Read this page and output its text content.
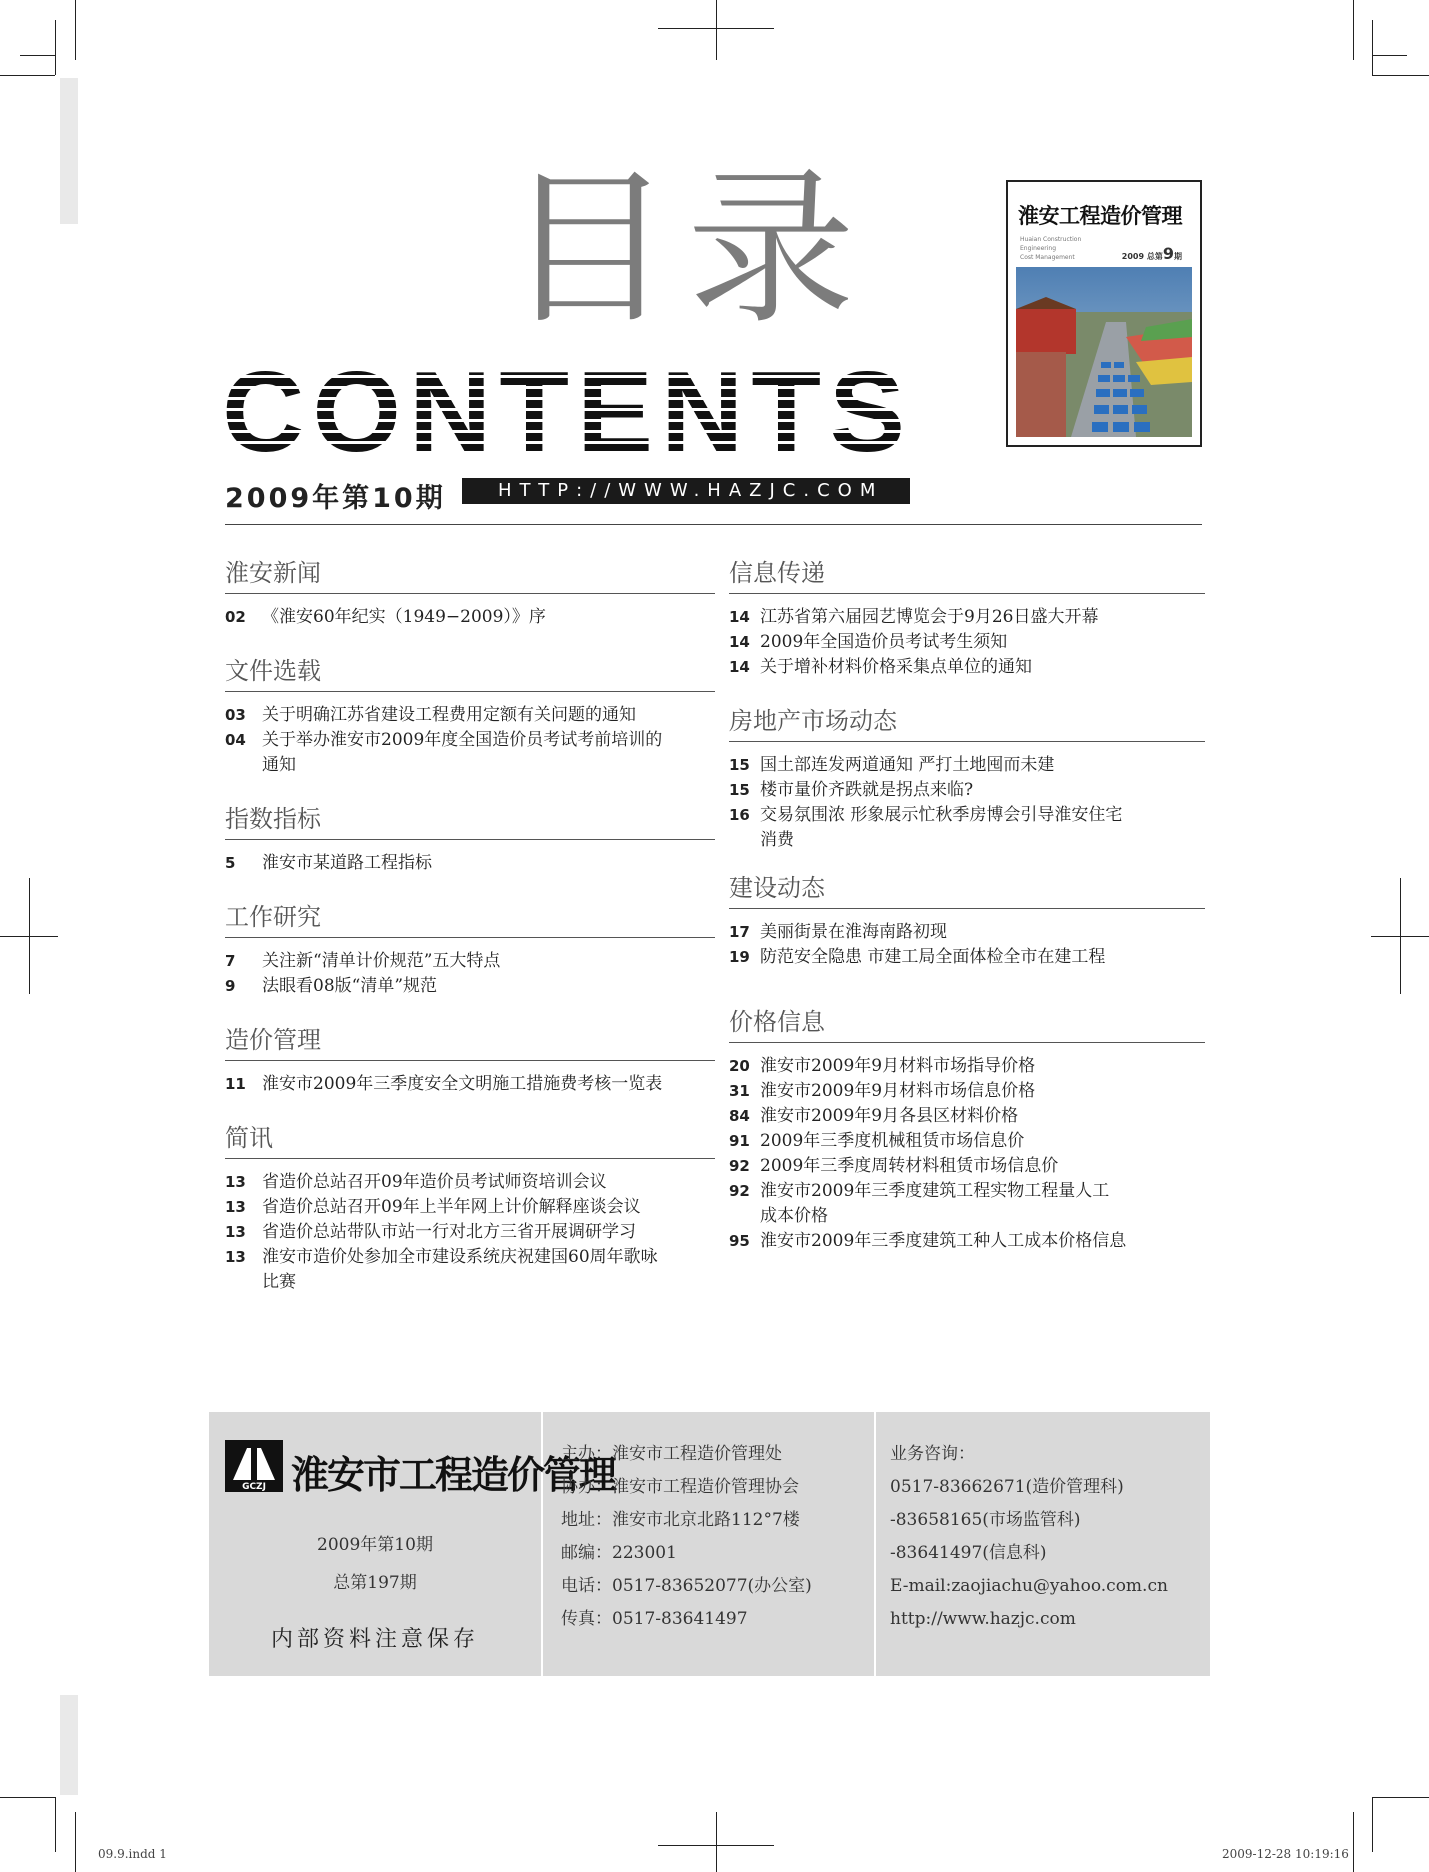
目录
CONTENTS
2009年第10期	HTTP://WWW.HAZJC.COM
淮安工程造价管理
Huaian Construction
Engineering
Cost Management	2009 总第9期
GCZJ 淮安市工程造价管理
2009年第10期
总第197期
内部资料注意保存
主办：淮安市工程造价管理处
协办：淮安市工程造价管理协会
地址：淮安市北京北路112°7楼
邮编：223001
电话：0517-83652077(办公室)
传真：0517-83641497
业务咨询：
0517-83662671(造价管理科)
-83658165(市场监管科)
-83641497(信息科)
E-mail:zaojiachu@yahoo.com.cn
http://www.hazjc.com
09.9.indd 1	2009-12-28 10:19:16
淮安新闻
02 《淮安60年纪实（1949−2009）》序
文件选载
03 关于明确江苏省建设工程费用定额有关问题的通知
04 关于举办淮安市2009年度全国造价员考试考前培训的
通知
指数指标
5	淮安市某道路工程指标
工作研究
7	关注新“清单计价规范”五大特点
9	法眼看08版“清单”规范
造价管理
11 淮安市2009年三季度安全文明施工措施费考核一览表
简讯
13 省造价总站召开09年造价员考试师资培训会议
13 省造价总站召开09年上半年网上计价解释座谈会议
13 省造价总站带队市站一行对北方三省开展调研学习
13 淮安市造价处参加全市建设系统庆祝建国60周年歌咏
比赛
信息传递
14 江苏省第六届园艺博览会于9月26日盛大开幕
14 2009年全国造价员考试考生须知
14 关于增补材料价格采集点单位的通知
房地产市场动态
15 国土部连发两道通知 严打土地囤而未建
15 楼市量价齐跌就是拐点来临?
16 交易氛围浓 形象展示忙秋季房博会引导淮安住宅
消费
建设动态
17 美丽街景在淮海南路初现
19 防范安全隐患 市建工局全面体检全市在建工程
价格信息
20 淮安市2009年9月材料市场指导价格
31 淮安市2009年9月材料市场信息价格
84 淮安市2009年9月各县区材料价格
91 2009年三季度机械租赁市场信息价
92 2009年三季度周转材料租赁市场信息价
92 淮安市2009年三季度建筑工程实物工程量人工
成本价格
95 淮安市2009年三季度建筑工种人工成本价格信息
